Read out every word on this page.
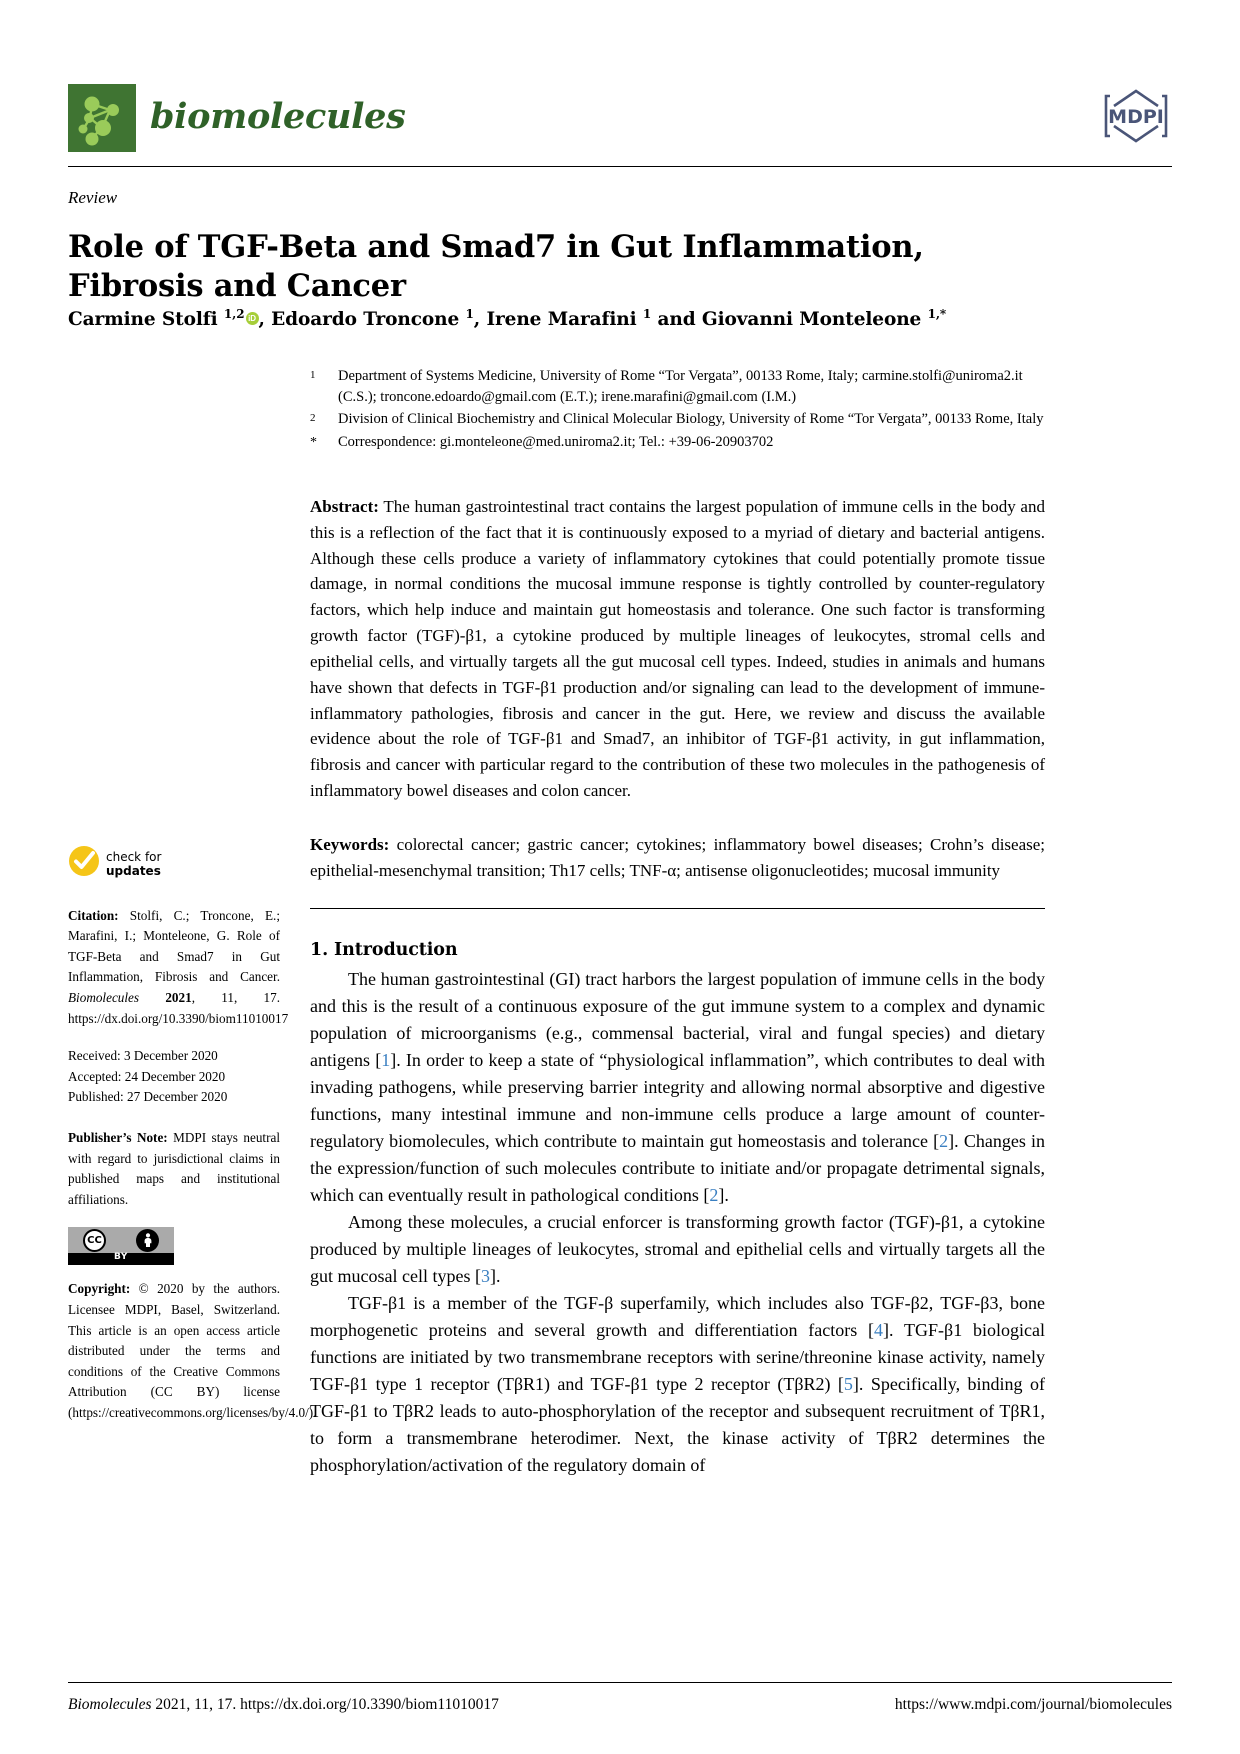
biomolecules	MDPI
Review
Role of TGF-Beta and Smad7 in Gut Inflammation, Fibrosis and Cancer
Carmine Stolfi $^{1,2}$ iD , Edoardo Troncone $^1$, Irene Marafini $^1$ and Giovanni Monteleone $^{1,*}$
1	Department of Systems Medicine, University of Rome “Tor Vergata”, 00133 Rome, Italy; carmine.stolfi@uniroma2.it (C.S.); troncone.edoardo@gmail.com (E.T.); irene.marafini@gmail.com (I.M.)
2	Division of Clinical Biochemistry and Clinical Molecular Biology, University of Rome “Tor Vergata”, 00133 Rome, Italy
*	Correspondence: gi.monteleone@med.uniroma2.it; Tel.: +39-06-20903702
Abstract: The human gastrointestinal tract contains the largest population of immune cells in the body and this is a reflection of the fact that it is continuously exposed to a myriad of dietary and bacterial antigens. Although these cells produce a variety of inflammatory cytokines that could potentially promote tissue damage, in normal conditions the mucosal immune response is tightly controlled by counter-regulatory factors, which help induce and maintain gut homeostasis and tolerance. One such factor is transforming growth factor (TGF)-β1, a cytokine produced by multiple lineages of leukocytes, stromal cells and epithelial cells, and virtually targets all the gut mucosal cell types. Indeed, studies in animals and humans have shown that defects in TGF-β1 production and/or signaling can lead to the development of immune-inflammatory pathologies, fibrosis and cancer in the gut. Here, we review and discuss the available evidence about the role of TGF-β1 and Smad7, an inhibitor of TGF-β1 activity, in gut inflammation, fibrosis and cancer with particular regard to the contribution of these two molecules in the pathogenesis of inflammatory bowel diseases and colon cancer.
Keywords: colorectal cancer; gastric cancer; cytokines; inflammatory bowel diseases; Crohn’s disease; epithelial-mesenchymal transition; Th17 cells; TNF-α; antisense oligonucleotides; mucosal immunity
check for
updates
Citation: Stolfi, C.; Troncone, E.; Marafini, I.; Monteleone, G. Role of TGF-Beta and Smad7 in Gut Inflammation, Fibrosis and Cancer. Biomolecules 2021, 11, 17. https://dx.doi.org/10.3390/biom11010017
Received: 3 December 2020
Accepted: 24 December 2020
Published: 27 December 2020
Publisher’s Note: MDPI stays neutral with regard to jurisdictional claims in published maps and institutional affiliations.
CC
BY
Copyright: © 2020 by the authors. Licensee MDPI, Basel, Switzerland. This article is an open access article distributed under the terms and conditions of the Creative Commons Attribution (CC BY) license (https://creativecommons.org/licenses/by/4.0/).
1. Introduction

The human gastrointestinal (GI) tract harbors the largest population of immune cells in the body and this is the result of a continuous exposure of the gut immune system to a complex and dynamic population of microorganisms (e.g., commensal bacterial, viral and fungal species) and dietary antigens [1]. In order to keep a state of “physiological inflammation”, which contributes to deal with invading pathogens, while preserving barrier integrity and allowing normal absorptive and digestive functions, many intestinal immune and non-immune cells produce a large amount of counter-regulatory biomolecules, which contribute to maintain gut homeostasis and tolerance [2]. Changes in the expression/function of such molecules contribute to initiate and/or propagate detrimental signals, which can eventually result in pathological conditions [2].

Among these molecules, a crucial enforcer is transforming growth factor (TGF)-β1, a cytokine produced by multiple lineages of leukocytes, stromal and epithelial cells and virtually targets all the gut mucosal cell types [3].

TGF-β1 is a member of the TGF-β superfamily, which includes also TGF-β2, TGF-β3, bone morphogenetic proteins and several growth and differentiation factors [4]. TGF-β1 biological functions are initiated by two transmembrane receptors with serine/threonine kinase activity, namely TGF-β1 type 1 receptor (TβR1) and TGF-β1 type 2 receptor (TβR2) [5]. Specifically, binding of TGF-β1 to TβR2 leads to auto-phosphorylation of the receptor and subsequent recruitment of TβR1, to form a transmembrane heterodimer. Next, the kinase activity of TβR2 determines the phosphorylation/activation of the regulatory domain of

Biomolecules 2021, 11, 17. https://dx.doi.org/10.3390/biom11010017	https://www.mdpi.com/journal/biomolecules
